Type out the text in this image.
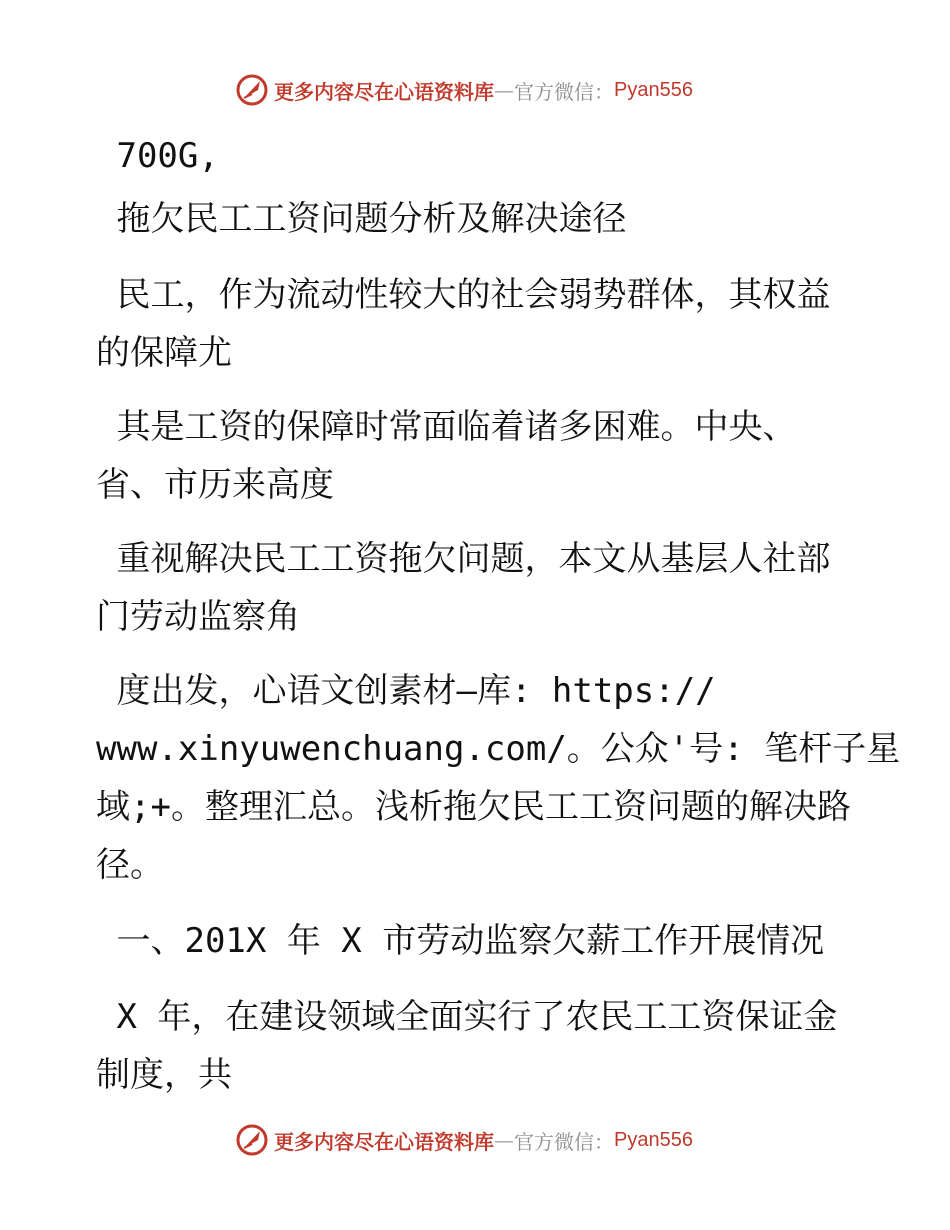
更多内容尽在心语资料库 — 官方微信： Pyan556

700G,

拖欠民工工资问题分析及解决途径

民工，作为流动性较大的社会弱势群体，其权益
的保障尤

其是工资的保障时常面临着诸多困难。中央、
省、市历来高度

重视解决民工工资拖欠问题，本文从基层人社部
门劳动监察角

度出发，心语文创素材—库: https://
www.xinyuwenchuang.com/。公众'号: 笔杆子星
域;+。整理汇总。浅析拖欠民工工资问题的解决路
径。

一、201X 年 X 市劳动监察欠薪工作开展情况

X 年，在建设领域全面实行了农民工工资保证金
制度，共

更多内容尽在心语资料库 — 官方微信： Pyan556
